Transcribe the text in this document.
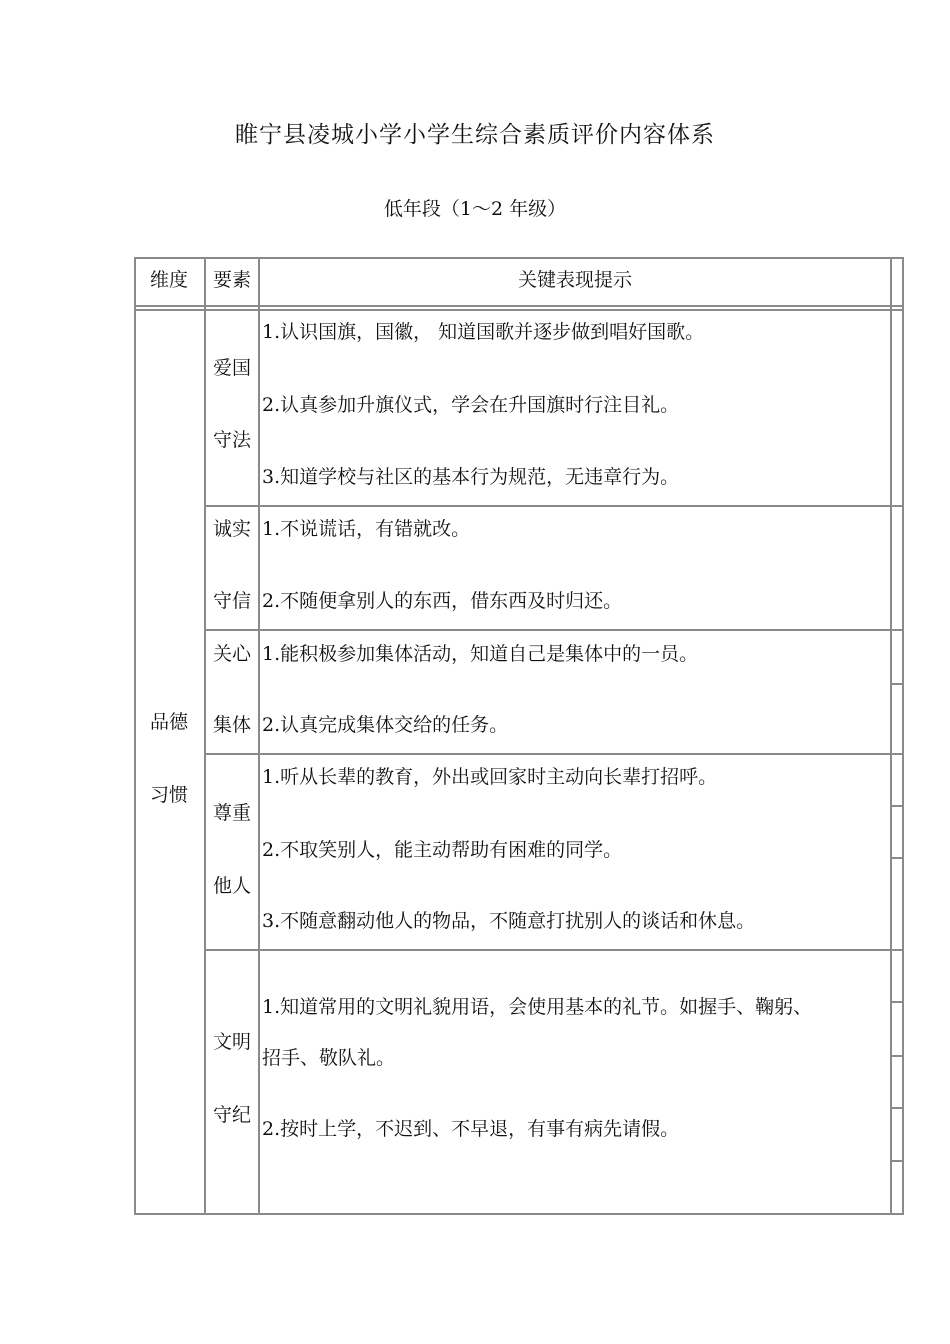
睢宁县凌城小学小学生综合素质评价内容体系
低年段（1～2 年级）
维度	要素	关键表现提示
品德
习惯
爱国
守法
1.认识国旗，国徽， 知道国歌并逐步做到唱好国歌。
2.认真参加升旗仪式，学会在升国旗时行注目礼。
3.知道学校与社区的基本行为规范，无违章行为。
诚实
守信
1.不说谎话，有错就改。
2.不随便拿别人的东西，借东西及时归还。
关心
集体
1.能积极参加集体活动，知道自己是集体中的一员。
2.认真完成集体交给的任务。
尊重
他人
1.听从长辈的教育，外出或回家时主动向长辈打招呼。
2.不取笑别人，能主动帮助有困难的同学。
3.不随意翻动他人的物品，不随意打扰别人的谈话和休息。
文明
守纪
1.知道常用的文明礼貌用语，会使用基本的礼节。如握手、鞠躬、
招手、敬队礼。
2.按时上学，不迟到、不早退，有事有病先请假。
